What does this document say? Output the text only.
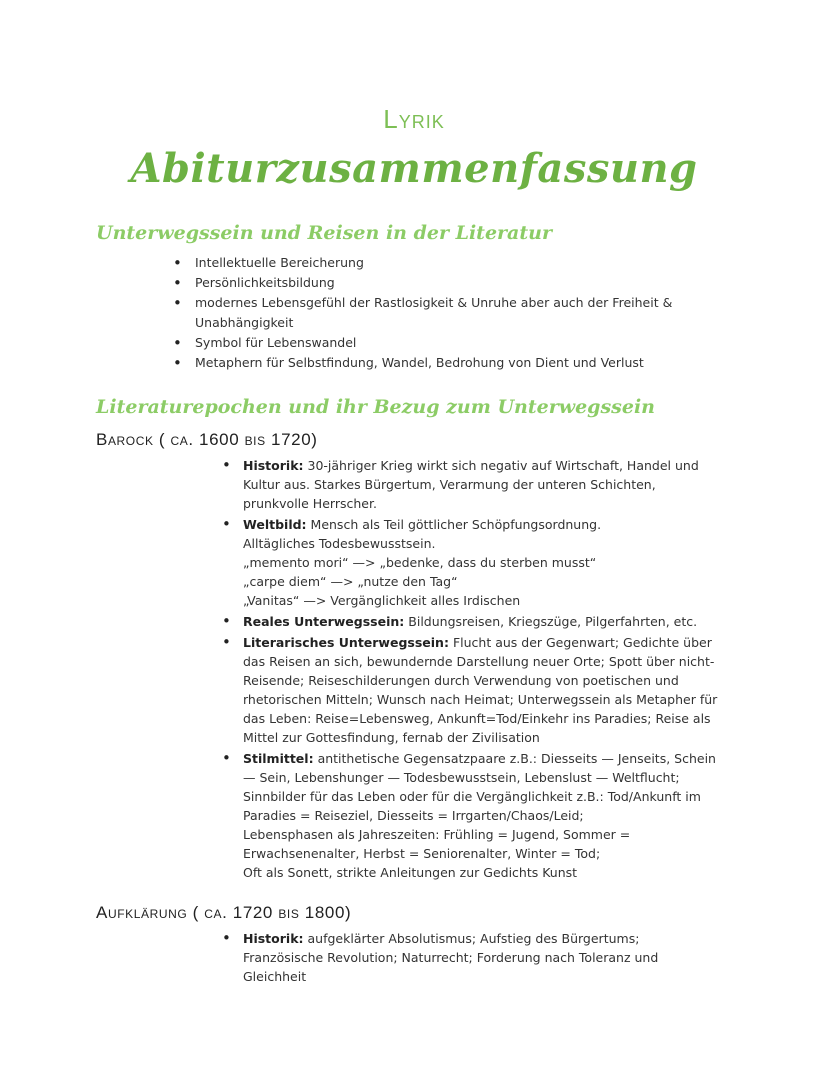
Lyrik
Abiturzusammenfassung
Unterwegssein und Reisen in der Literatur
• Intellektuelle Bereicherung
• Persönlichkeitsbildung
• modernes Lebensgefühl der Rastlosigkeit & Unruhe aber auch der Freiheit & Unabhängigkeit
• Symbol für Lebenswandel
• Metaphern für Selbstfindung, Wandel, Bedrohung von Dient und Verlust
Literaturepochen und ihr Bezug zum Unterwegssein
Barock ( ca. 1600 bis 1720)
• Historik: 30-jähriger Krieg wirkt sich negativ auf Wirtschaft, Handel und Kultur aus. Starkes Bürgertum, Verarmung der unteren Schichten, prunkvolle Herrscher.
• Weltbild: Mensch als Teil göttlicher Schöpfungsordnung.
Alltägliches Todesbewusstsein.
„memento mori“ —> „bedenke, dass du sterben musst“
„carpe diem“ —> „nutze den Tag“
„Vanitas“ —> Vergänglichkeit alles Irdischen
• Reales Unterwegssein: Bildungsreisen, Kriegszüge, Pilgerfahrten, etc.
• Literarisches Unterwegssein: Flucht aus der Gegenwart; Gedichte über das Reisen an sich, bewundernde Darstellung neuer Orte; Spott über nicht-Reisende; Reiseschilderungen durch Verwendung von poetischen und rhetorischen Mitteln; Wunsch nach Heimat; Unterwegssein als Metapher für das Leben: Reise=Lebensweg, Ankunft=Tod/Einkehr ins Paradies; Reise als Mittel zur Gottesfindung, fernab der Zivilisation
• Stilmittel: antithetische Gegensatzpaare z.B.: Diesseits — Jenseits, Schein — Sein, Lebenshunger — Todesbewusstsein, Lebenslust — Weltflucht; Sinnbilder für das Leben oder für die Vergänglichkeit z.B.: Tod/Ankunft im Paradies = Reiseziel, Diesseits = Irrgarten/Chaos/Leid;
Lebensphasen als Jahreszeiten: Frühling = Jugend, Sommer = Erwachsenenalter, Herbst = Seniorenalter, Winter = Tod;
Oft als Sonett, strikte Anleitungen zur Gedichts Kunst
Aufklärung ( ca. 1720 bis 1800)
• Historik: aufgeklärter Absolutismus; Aufstieg des Bürgertums; Französische Revolution; Naturrecht; Forderung nach Toleranz und Gleichheit
